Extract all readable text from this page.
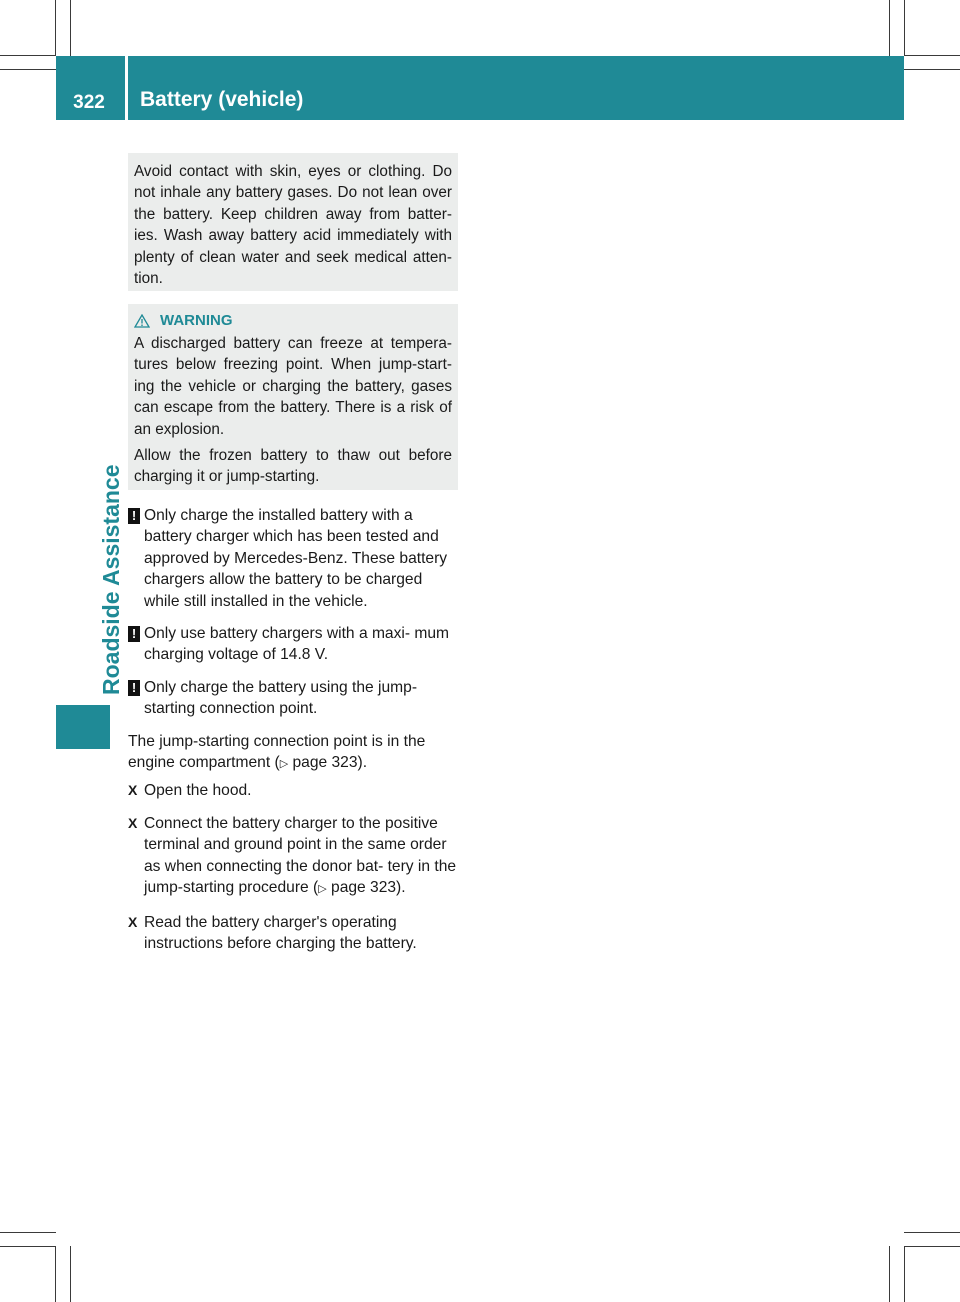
322	Battery (vehicle)
Roadside Assistance

Avoid contact with skin, eyes or clothing. Do not inhale any battery gases. Do not lean over the battery. Keep children away from batter- ies. Wash away battery acid immediately with plenty of clean water and seek medical atten- tion.

WARNING

A discharged battery can freeze at tempera- tures below freezing point. When jump-start- ing the vehicle or charging the battery, gases can escape from the battery. There is a risk of an explosion.

Allow the frozen battery to thaw out before charging it or jump-starting.

! Only charge the installed battery with a battery charger which has been tested and approved by Mercedes-Benz. These battery chargers allow the battery to be charged while still installed in the vehicle.
! Only use battery chargers with a maxi- mum charging voltage of 14.8 V.
! Only charge the battery using the jump- starting connection point.
The jump-starting connection point is in the engine compartment (▷ page 323).
X Open the hood.
X Connect the battery charger to the positive terminal and ground point in the same order as when connecting the donor bat- tery in the jump-starting procedure (▷ page 323).
X Read the battery charger's operating instructions before charging the battery.
